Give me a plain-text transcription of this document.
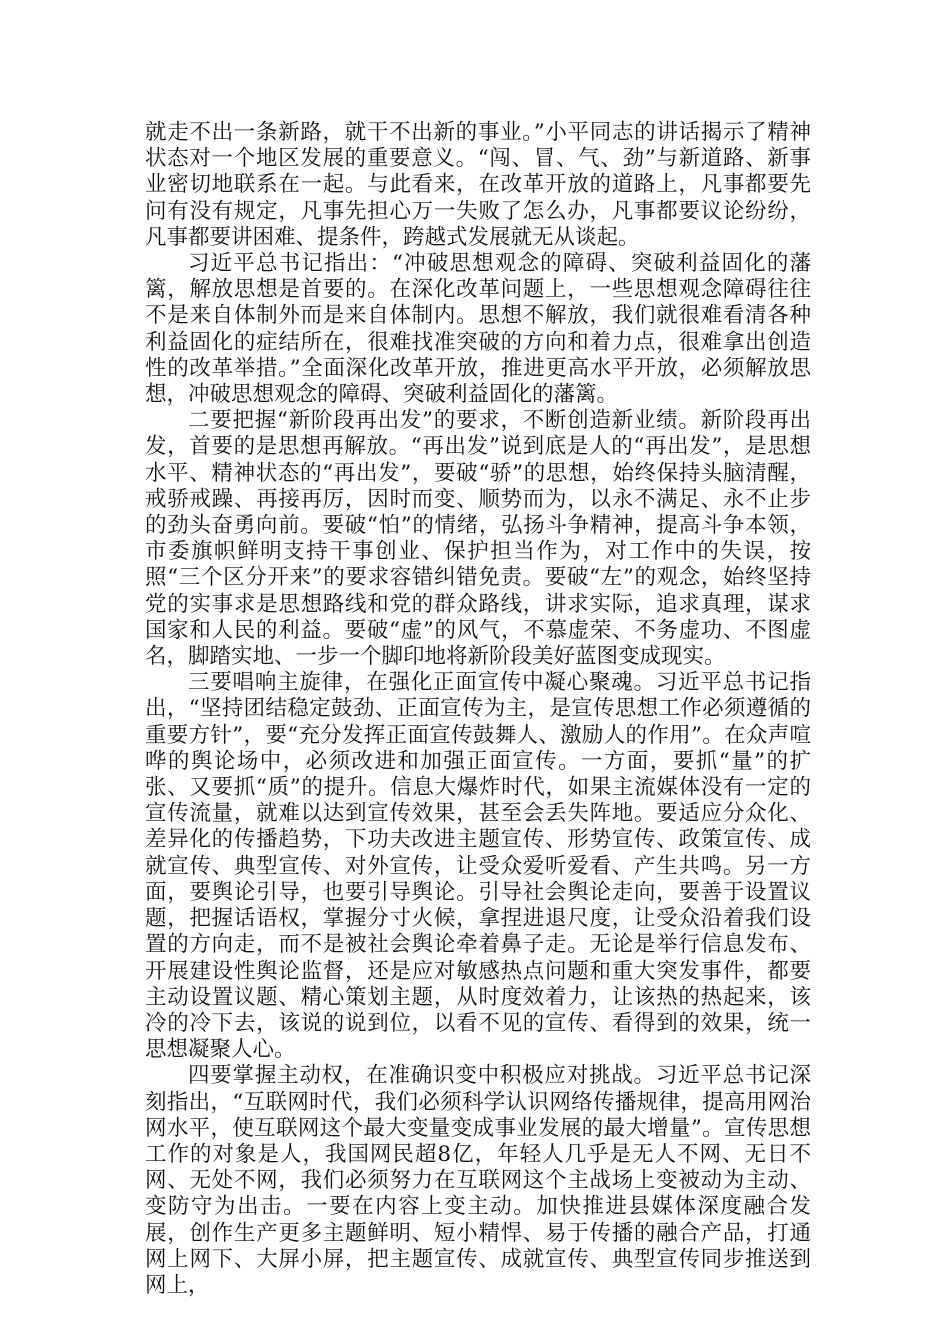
就走不出一条新路，就干不出新的事业。”小平同志的讲话揭示了精神状态对一个地区发展的重要意义。“闯、冒、气、劲”与新道路、新事业密切地联系在一起。与此看来，在改革开放的道路上，凡事都要先问有没有规定，凡事先担心万一失败了怎么办，凡事都要议论纷纷，凡事都要讲困难、提条件，跨越式发展就无从谈起。

习近平总书记指出：“冲破思想观念的障碍、突破利益固化的藩篱，解放思想是首要的。在深化改革问题上，一些思想观念障碍往往不是来自体制外而是来自体制内。思想不解放，我们就很难看清各种利益固化的症结所在，很难找准突破的方向和着力点，很难拿出创造性的改革举措。”全面深化改革开放，推进更高水平开放，必须解放思想，冲破思想观念的障碍、突破利益固化的藩篱。

二要把握“新阶段再出发”的要求，不断创造新业绩。新阶段再出发，首要的是思想再解放。“再出发”说到底是人的“再出发”，是思想水平、精神状态的“再出发”，要破“骄”的思想，始终保持头脑清醒，戒骄戒躁、再接再厉，因时而变、顺势而为，以永不满足、永不止步的劲头奋勇向前。要破“怕”的情绪，弘扬斗争精神，提高斗争本领，市委旗帜鲜明支持干事创业、保护担当作为，对工作中的失误，按照“三个区分开来”的要求容错纠错免责。要破“左”的观念，始终坚持党的实事求是思想路线和党的群众路线，讲求实际，追求真理，谋求国家和人民的利益。要破“虚”的风气，不慕虚荣、不务虚功、不图虚名，脚踏实地、一步一个脚印地将新阶段美好蓝图变成现实。

三要唱响主旋律，在强化正面宣传中凝心聚魂。习近平总书记指出，“坚持团结稳定鼓劲、正面宣传为主，是宣传思想工作必须遵循的重要方针”，要“充分发挥正面宣传鼓舞人、激励人的作用”。在众声喧哗的舆论场中，必须改进和加强正面宣传。一方面，要抓“量”的扩张、又要抓“质”的提升。信息大爆炸时代，如果主流媒体没有一定的宣传流量，就难以达到宣传效果，甚至会丢失阵地。要适应分众化、差异化的传播趋势，下功夫改进主题宣传、形势宣传、政策宣传、成就宣传、典型宣传、对外宣传，让受众爱听爱看、产生共鸣。另一方面，要舆论引导，也要引导舆论。引导社会舆论走向，要善于设置议题，把握话语权，掌握分寸火候，拿捏进退尺度，让受众沿着我们设置的方向走，而不是被社会舆论牵着鼻子走。无论是举行信息发布、开展建设性舆论监督，还是应对敏感热点问题和重大突发事件，都要主动设置议题、精心策划主题，从时度效着力，让该热的热起来，该冷的冷下去，该说的说到位，以看不见的宣传、看得到的效果，统一思想凝聚人心。

四要掌握主动权，在准确识变中积极应对挑战。习近平总书记深刻指出，“互联网时代，我们必须科学认识网络传播规律，提高用网治网水平，使互联网这个最大变量变成事业发展的最大增量”。宣传思想工作的对象是人，我国网民超8亿，年轻人几乎是无人不网、无日不网、无处不网，我们必须努力在互联网这个主战场上变被动为主动、变防守为出击。一要在内容上变主动。加快推进县媒体深度融合发展，创作生产更多主题鲜明、短小精悍、易于传播的融合产品，打通网上网下、大屏小屏，把主题宣传、成就宣传、典型宣传同步推送到网上，
